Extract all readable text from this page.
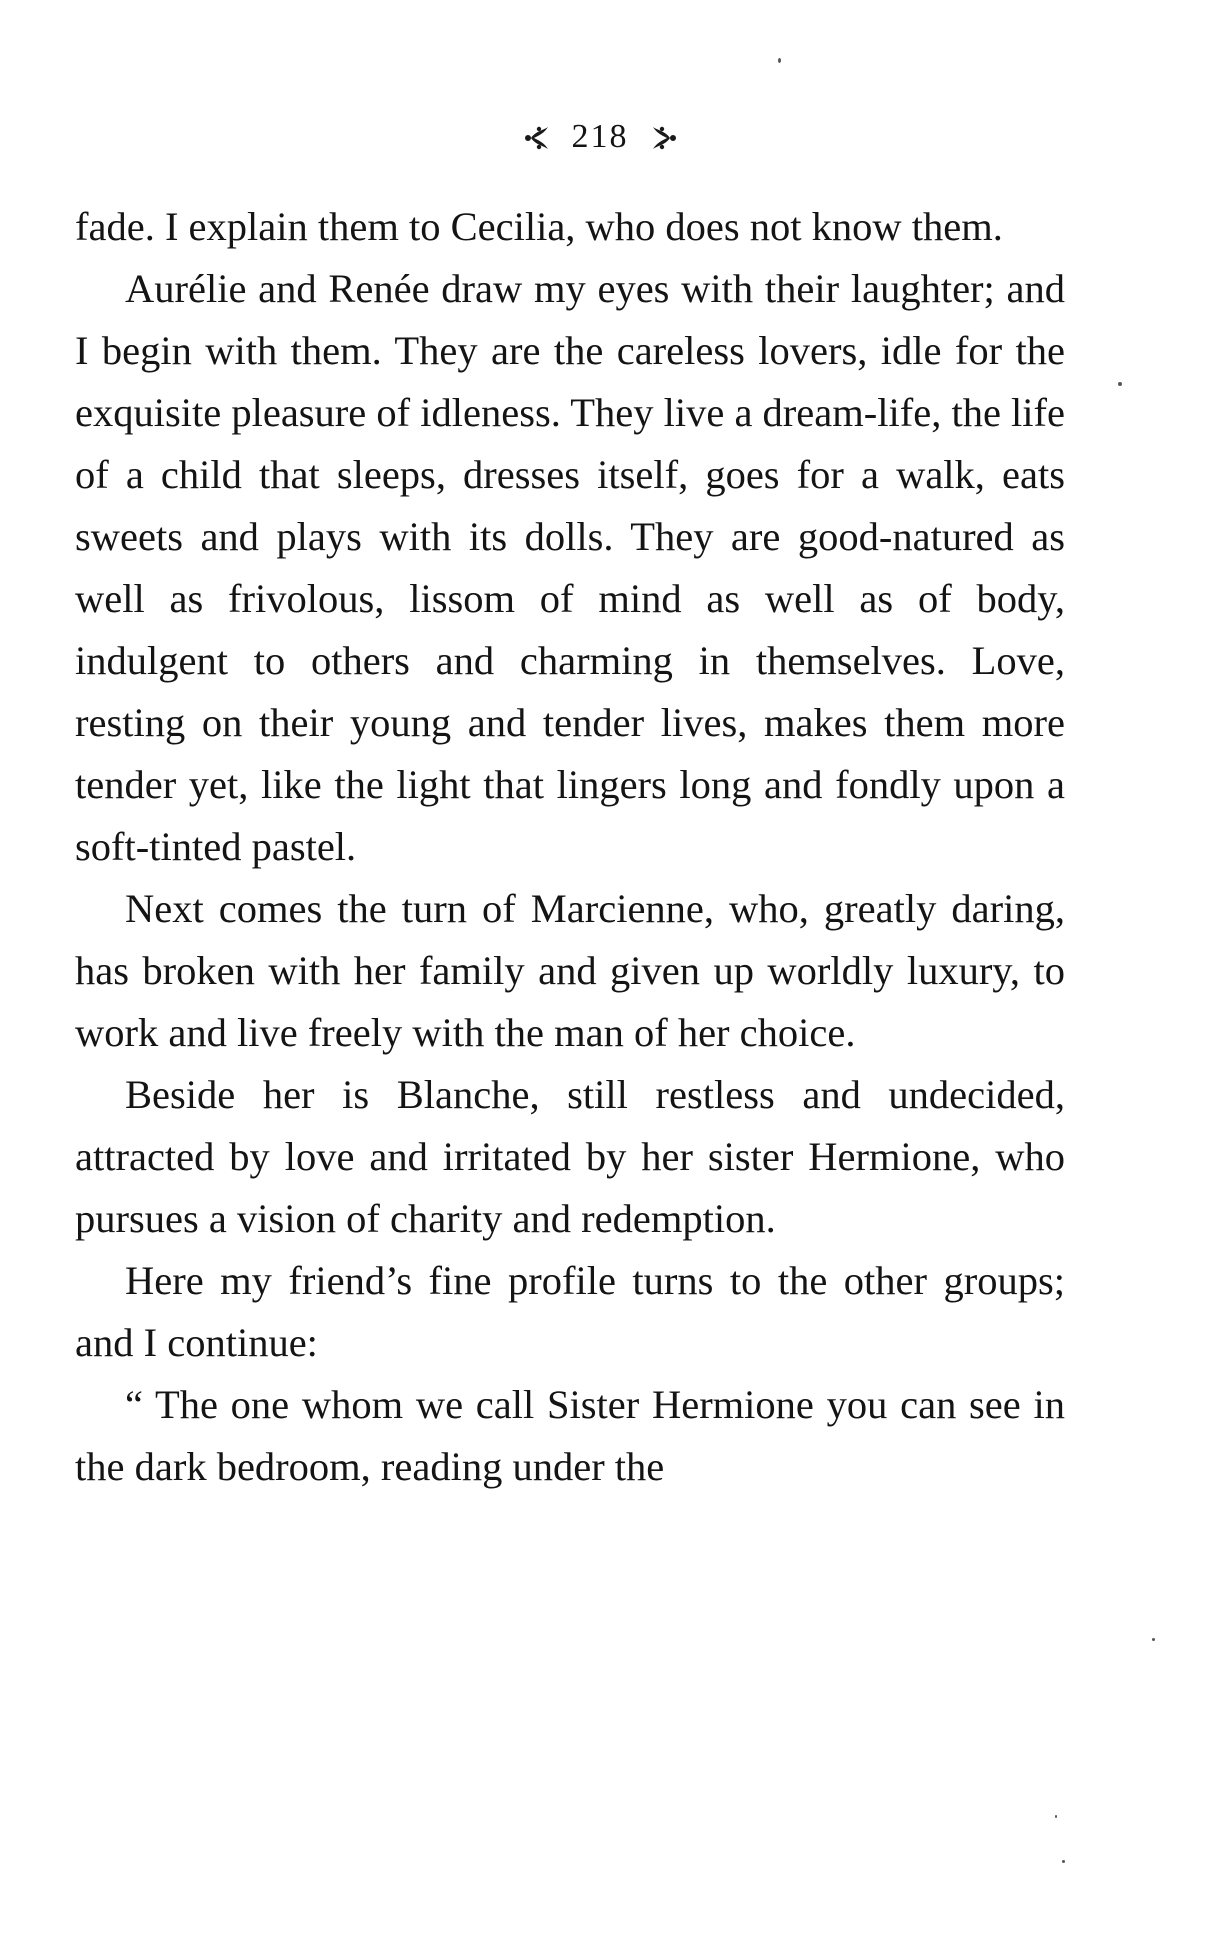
218

fade. I explain them to Cecilia, who does not know them.

Aurélie and Renée draw my eyes with their laughter; and I begin with them. They are the careless lovers, idle for the exquisite pleasure of idleness. They live a dream-life, the life of a child that sleeps, dresses itself, goes for a walk, eats sweets and plays with its dolls. They are good-natured as well as frivolous, lissom of mind as well as of body, indulgent to others and charming in themselves. Love, resting on their young and tender lives, makes them more tender yet, like the light that lingers long and fondly upon a soft-tinted pastel.

Next comes the turn of Marcienne, who, greatly daring, has broken with her family and given up worldly luxury, to work and live freely with the man of her choice.

Beside her is Blanche, still restless and undecided, attracted by love and irritated by her sister Hermione, who pursues a vision of charity and redemption.

Here my friend’s fine profile turns to the other groups; and I continue:

“ The one whom we call Sister Hermione you can see in the dark bedroom, reading under the
